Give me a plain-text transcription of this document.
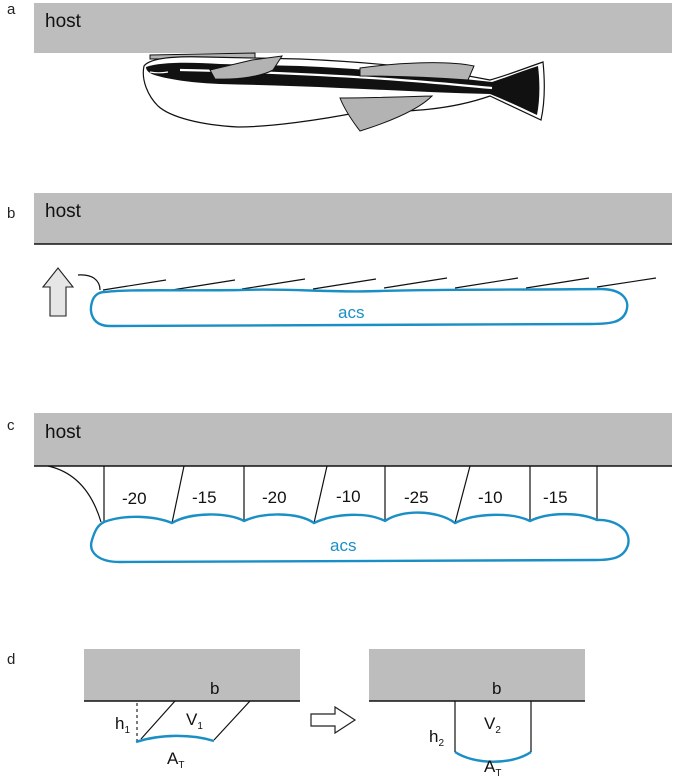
a
host
b host
acs
c host
acs
-20	-15	-20	-10	-25	-10 -15
d
b
$h_1$
$V_1$
$A_T$
b
$h_2$
$V_2$
$A_T$
